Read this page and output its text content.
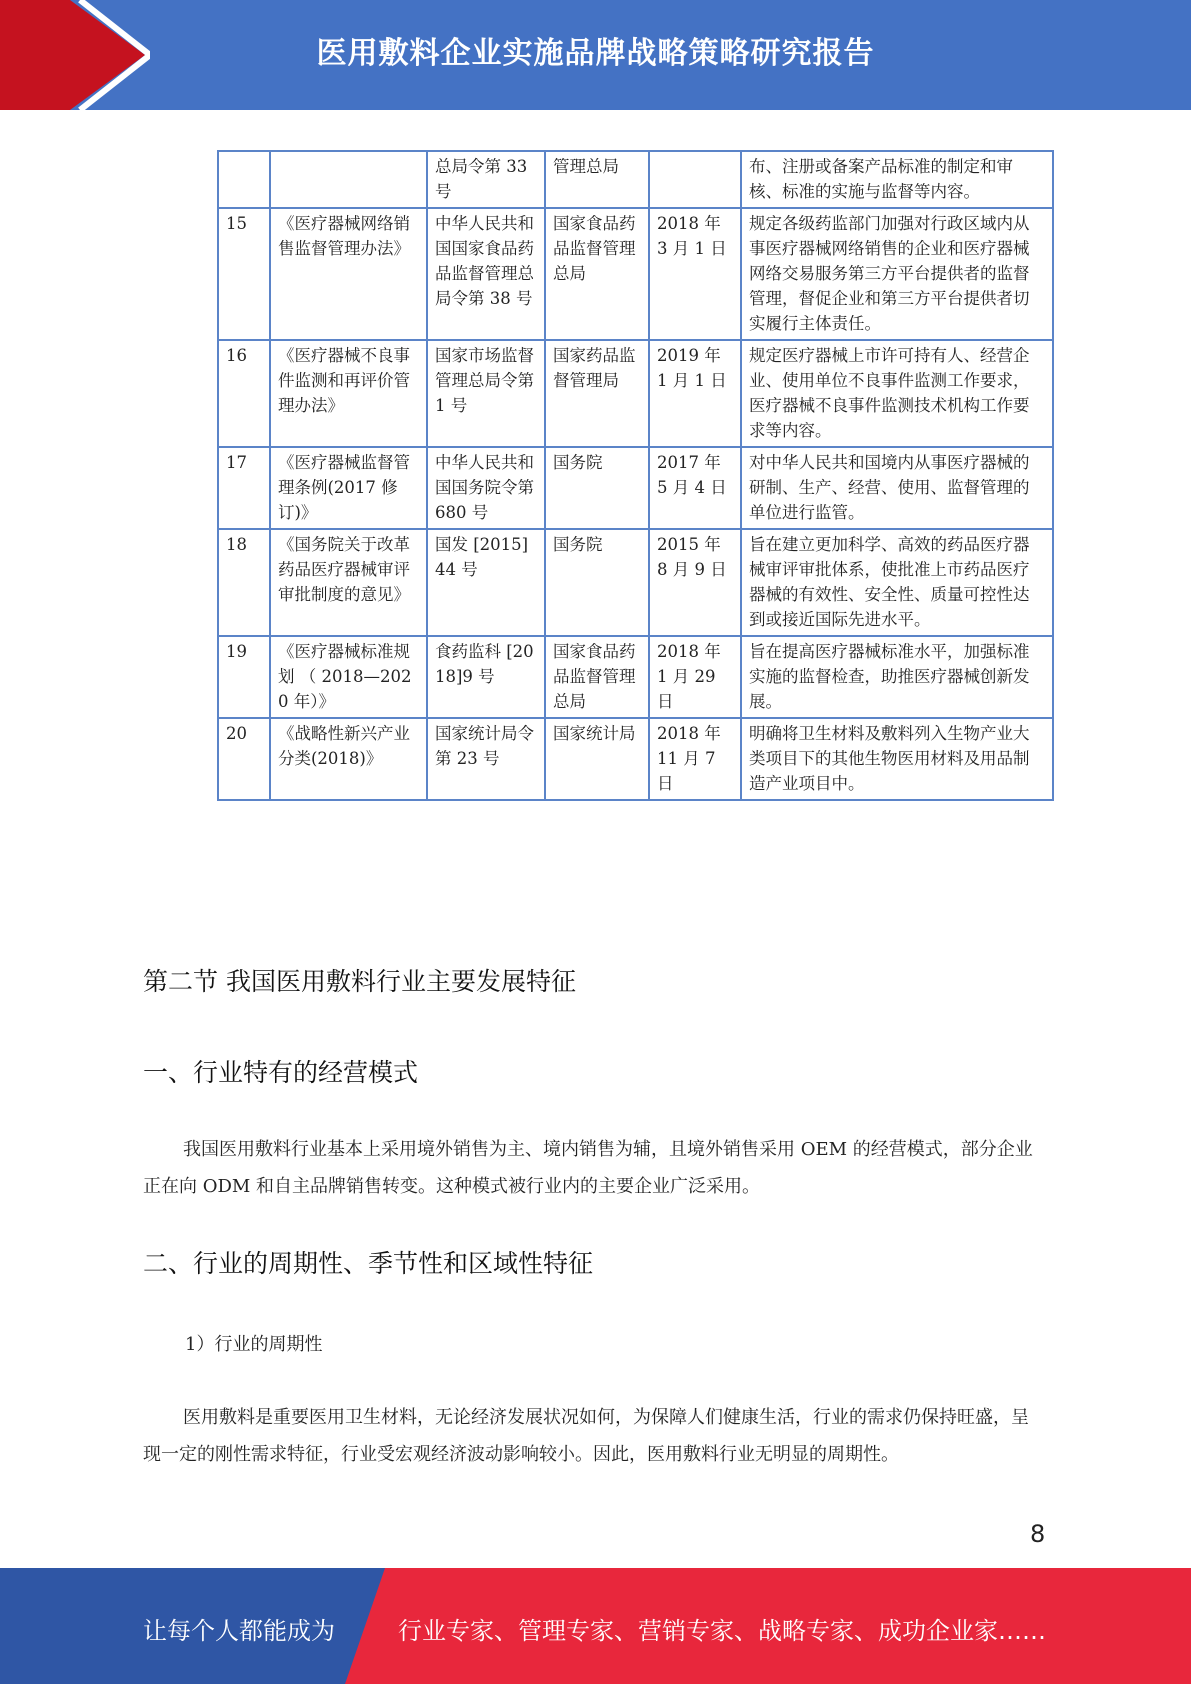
医用敷料企业实施品牌战略策略研究报告
		总局令第 33 号	管理总局		布、注册或备案产品标准的制定和审核、标准的实施与监督等内容。
15	《医疗器械网络销售监督管理办法》	中华人民共和国国家食品药品监督管理总局令第 38 号	国家食品药品监督管理总局	2018 年 3 月 1 日	规定各级药监部门加强对行政区域内从事医疗器械网络销售的企业和医疗器械网络交易服务第三方平台提供者的监督管理，督促企业和第三方平台提供者切实履行主体责任。
16	《医疗器械不良事件监测和再评价管理办法》	国家市场监督管理总局令第 1 号	国家药品监督管理局	2019 年 1 月 1 日	规定医疗器械上市许可持有人、经营企业、使用单位不良事件监测工作要求，医疗器械不良事件监测技术机构工作要求等内容。
17	《医疗器械监督管理条例(2017 修订)》	中华人民共和国国务院令第 680 号	国务院	2017 年 5 月 4 日	对中华人民共和国境内从事医疗器械的研制、生产、经营、使用、监督管理的单位进行监管。
18	《国务院关于改革药品医疗器械审评审批制度的意见》	国发 [2015]44 号	国务院	2015 年 8 月 9 日	旨在建立更加科学、高效的药品医疗器械审评审批体系，使批准上市药品医疗器械的有效性、安全性、质量可控性达到或接近国际先进水平。
19	《医疗器械标准规划 （ 2018—2020 年）》	食药监科 [2018]9 号	国家食品药品监督管理总局	2018 年 1 月 29 日	旨在提高医疗器械标准水平，加强标准实施的监督检查，助推医疗器械创新发展。
20	《战略性新兴产业分类(2018)》	国家统计局令第 23 号	国家统计局	2018 年 11 月 7 日	明确将卫生材料及敷料列入生物产业大类项目下的其他生物医用材料及用品制造产业项目中。
第二节 我国医用敷料行业主要发展特征
一、行业特有的经营模式
我国医用敷料行业基本上采用境外销售为主、境内销售为辅，且境外销售采用 OEM 的经营模式，部分企业正在向 ODM 和自主品牌销售转变。这种模式被行业内的主要企业广泛采用。
二、行业的周期性、季节性和区域性特征
1）行业的周期性
医用敷料是重要医用卫生材料，无论经济发展状况如何，为保障人们健康生活，行业的需求仍保持旺盛，呈现一定的刚性需求特征，行业受宏观经济波动影响较小。因此，医用敷料行业无明显的周期性。
8
让每个人都能成为	行业专家、管理专家、营销专家、战略专家、成功企业家……
